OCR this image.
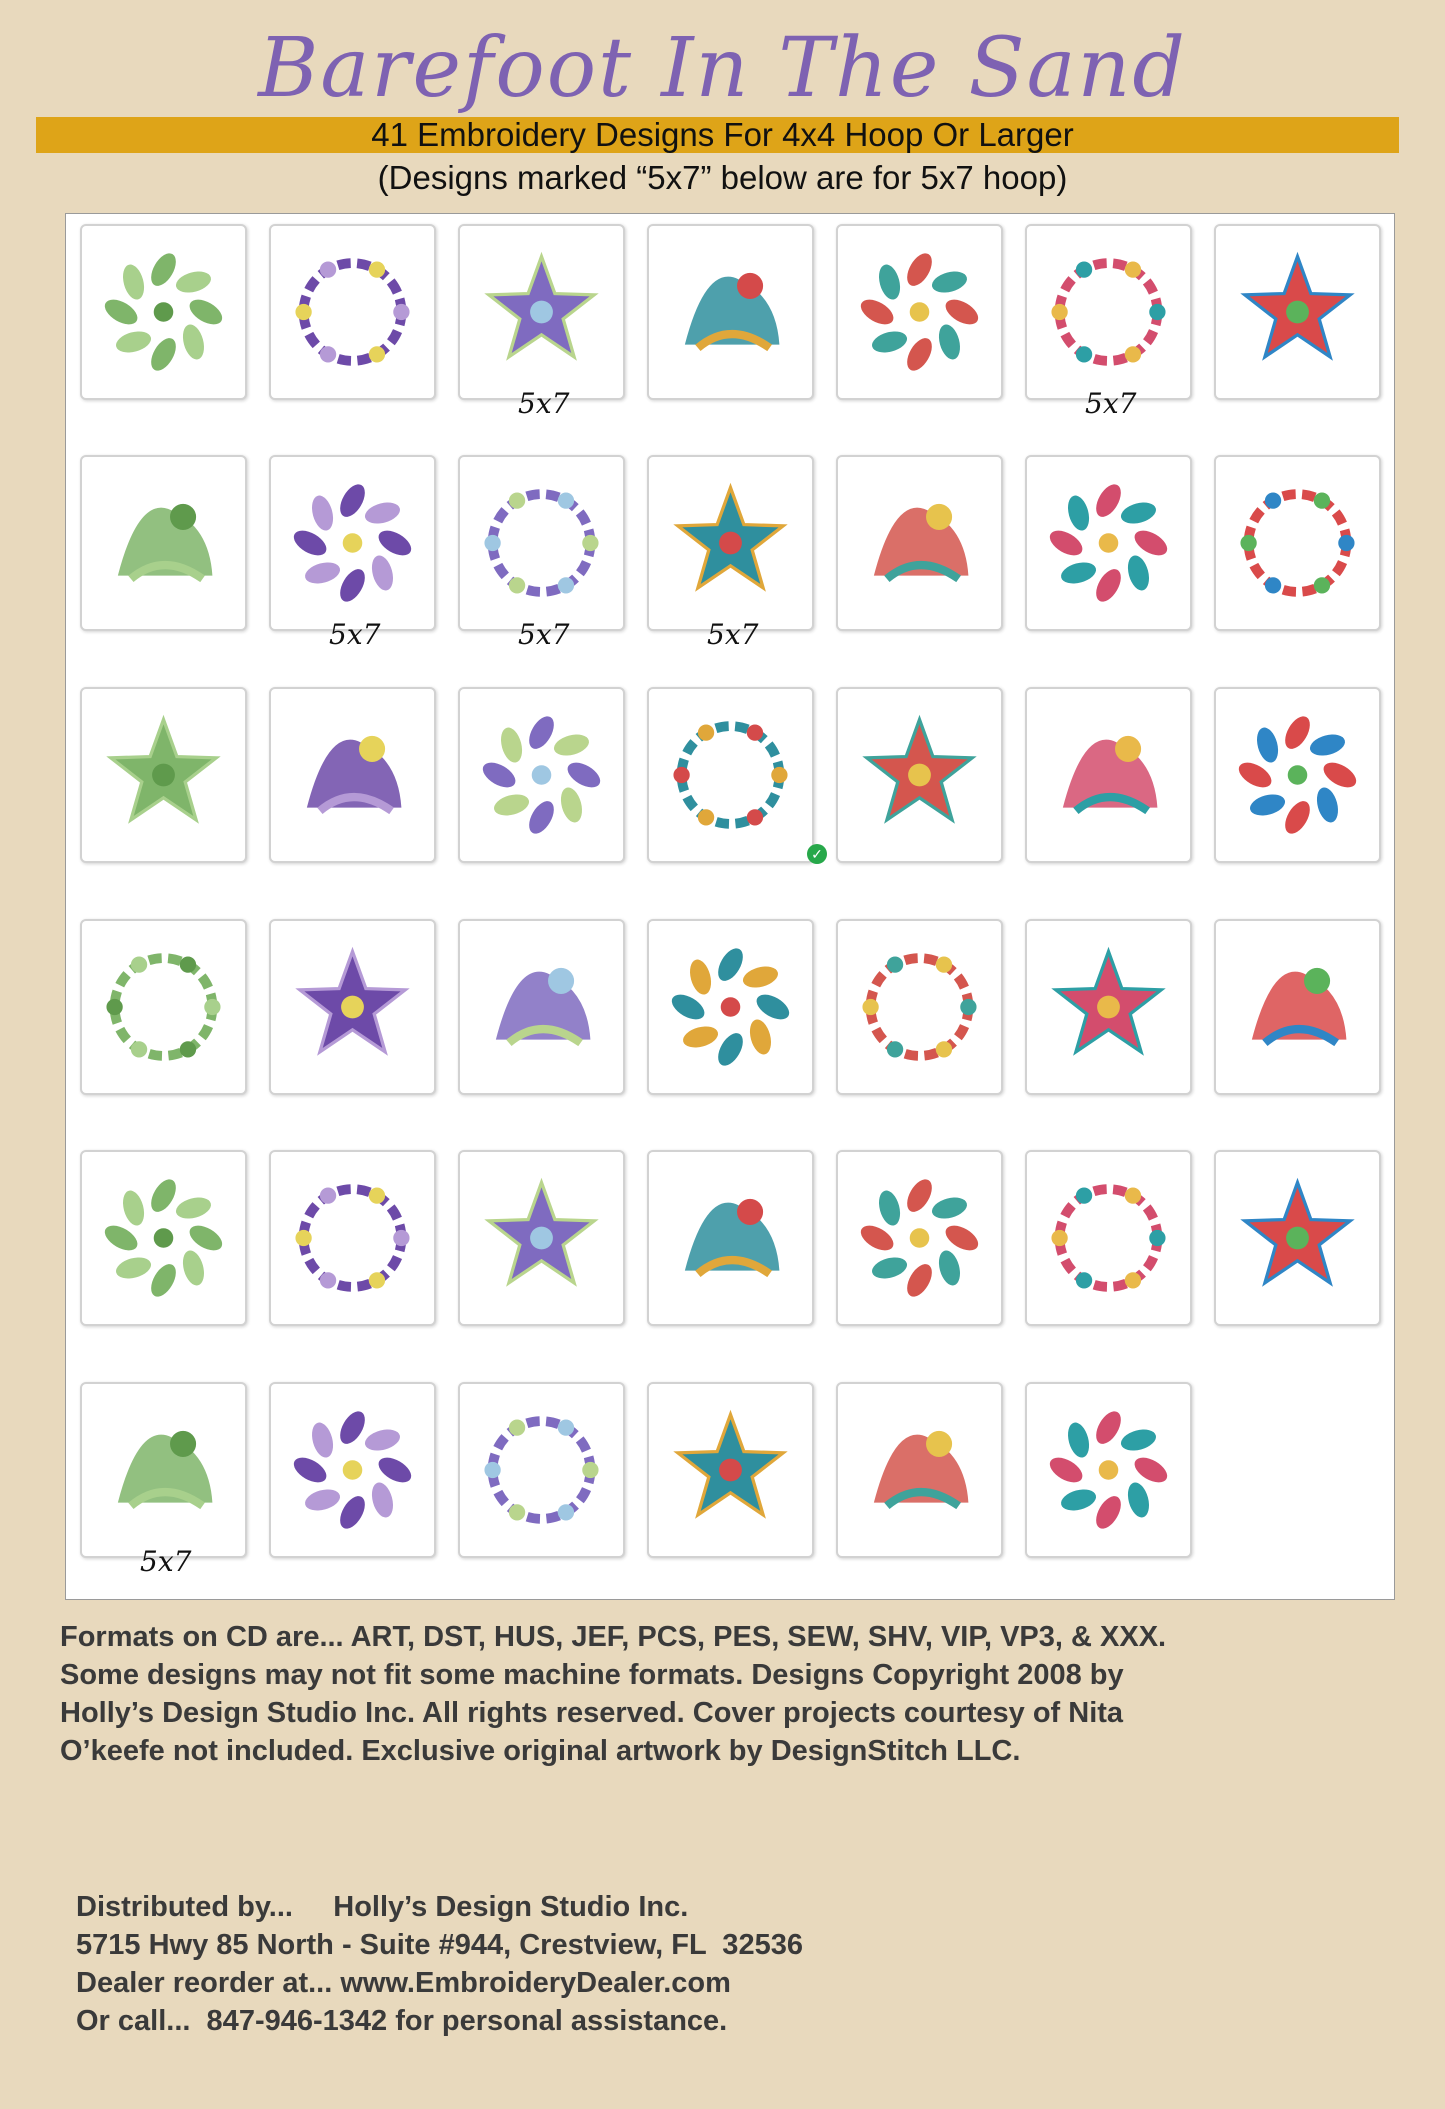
Barefoot In The Sand
41 Embroidery Designs For 4x4 Hoop Or Larger
(Designs marked “5x7” below are for 5x7 hoop)
5x7	5x7
5x7	5x7	5x7
✓
5x7
Formats on CD are... ART, DST, HUS, JEF, PCS, PES, SEW, SHV, VIP, VP3, & XXX.
Some designs may not fit some machine formats. Designs Copyright 2008 by
Holly’s Design Studio Inc. All rights reserved. Cover projects courtesy of Nita
O’keefe not included. Exclusive original artwork by DesignStitch LLC.
Distributed by...     Holly’s Design Studio Inc.
5715 Hwy 85 North - Suite #944, Crestview, FL  32536
Dealer reorder at... www.EmbroideryDealer.com
Or call...  847-946-1342 for personal assistance.
